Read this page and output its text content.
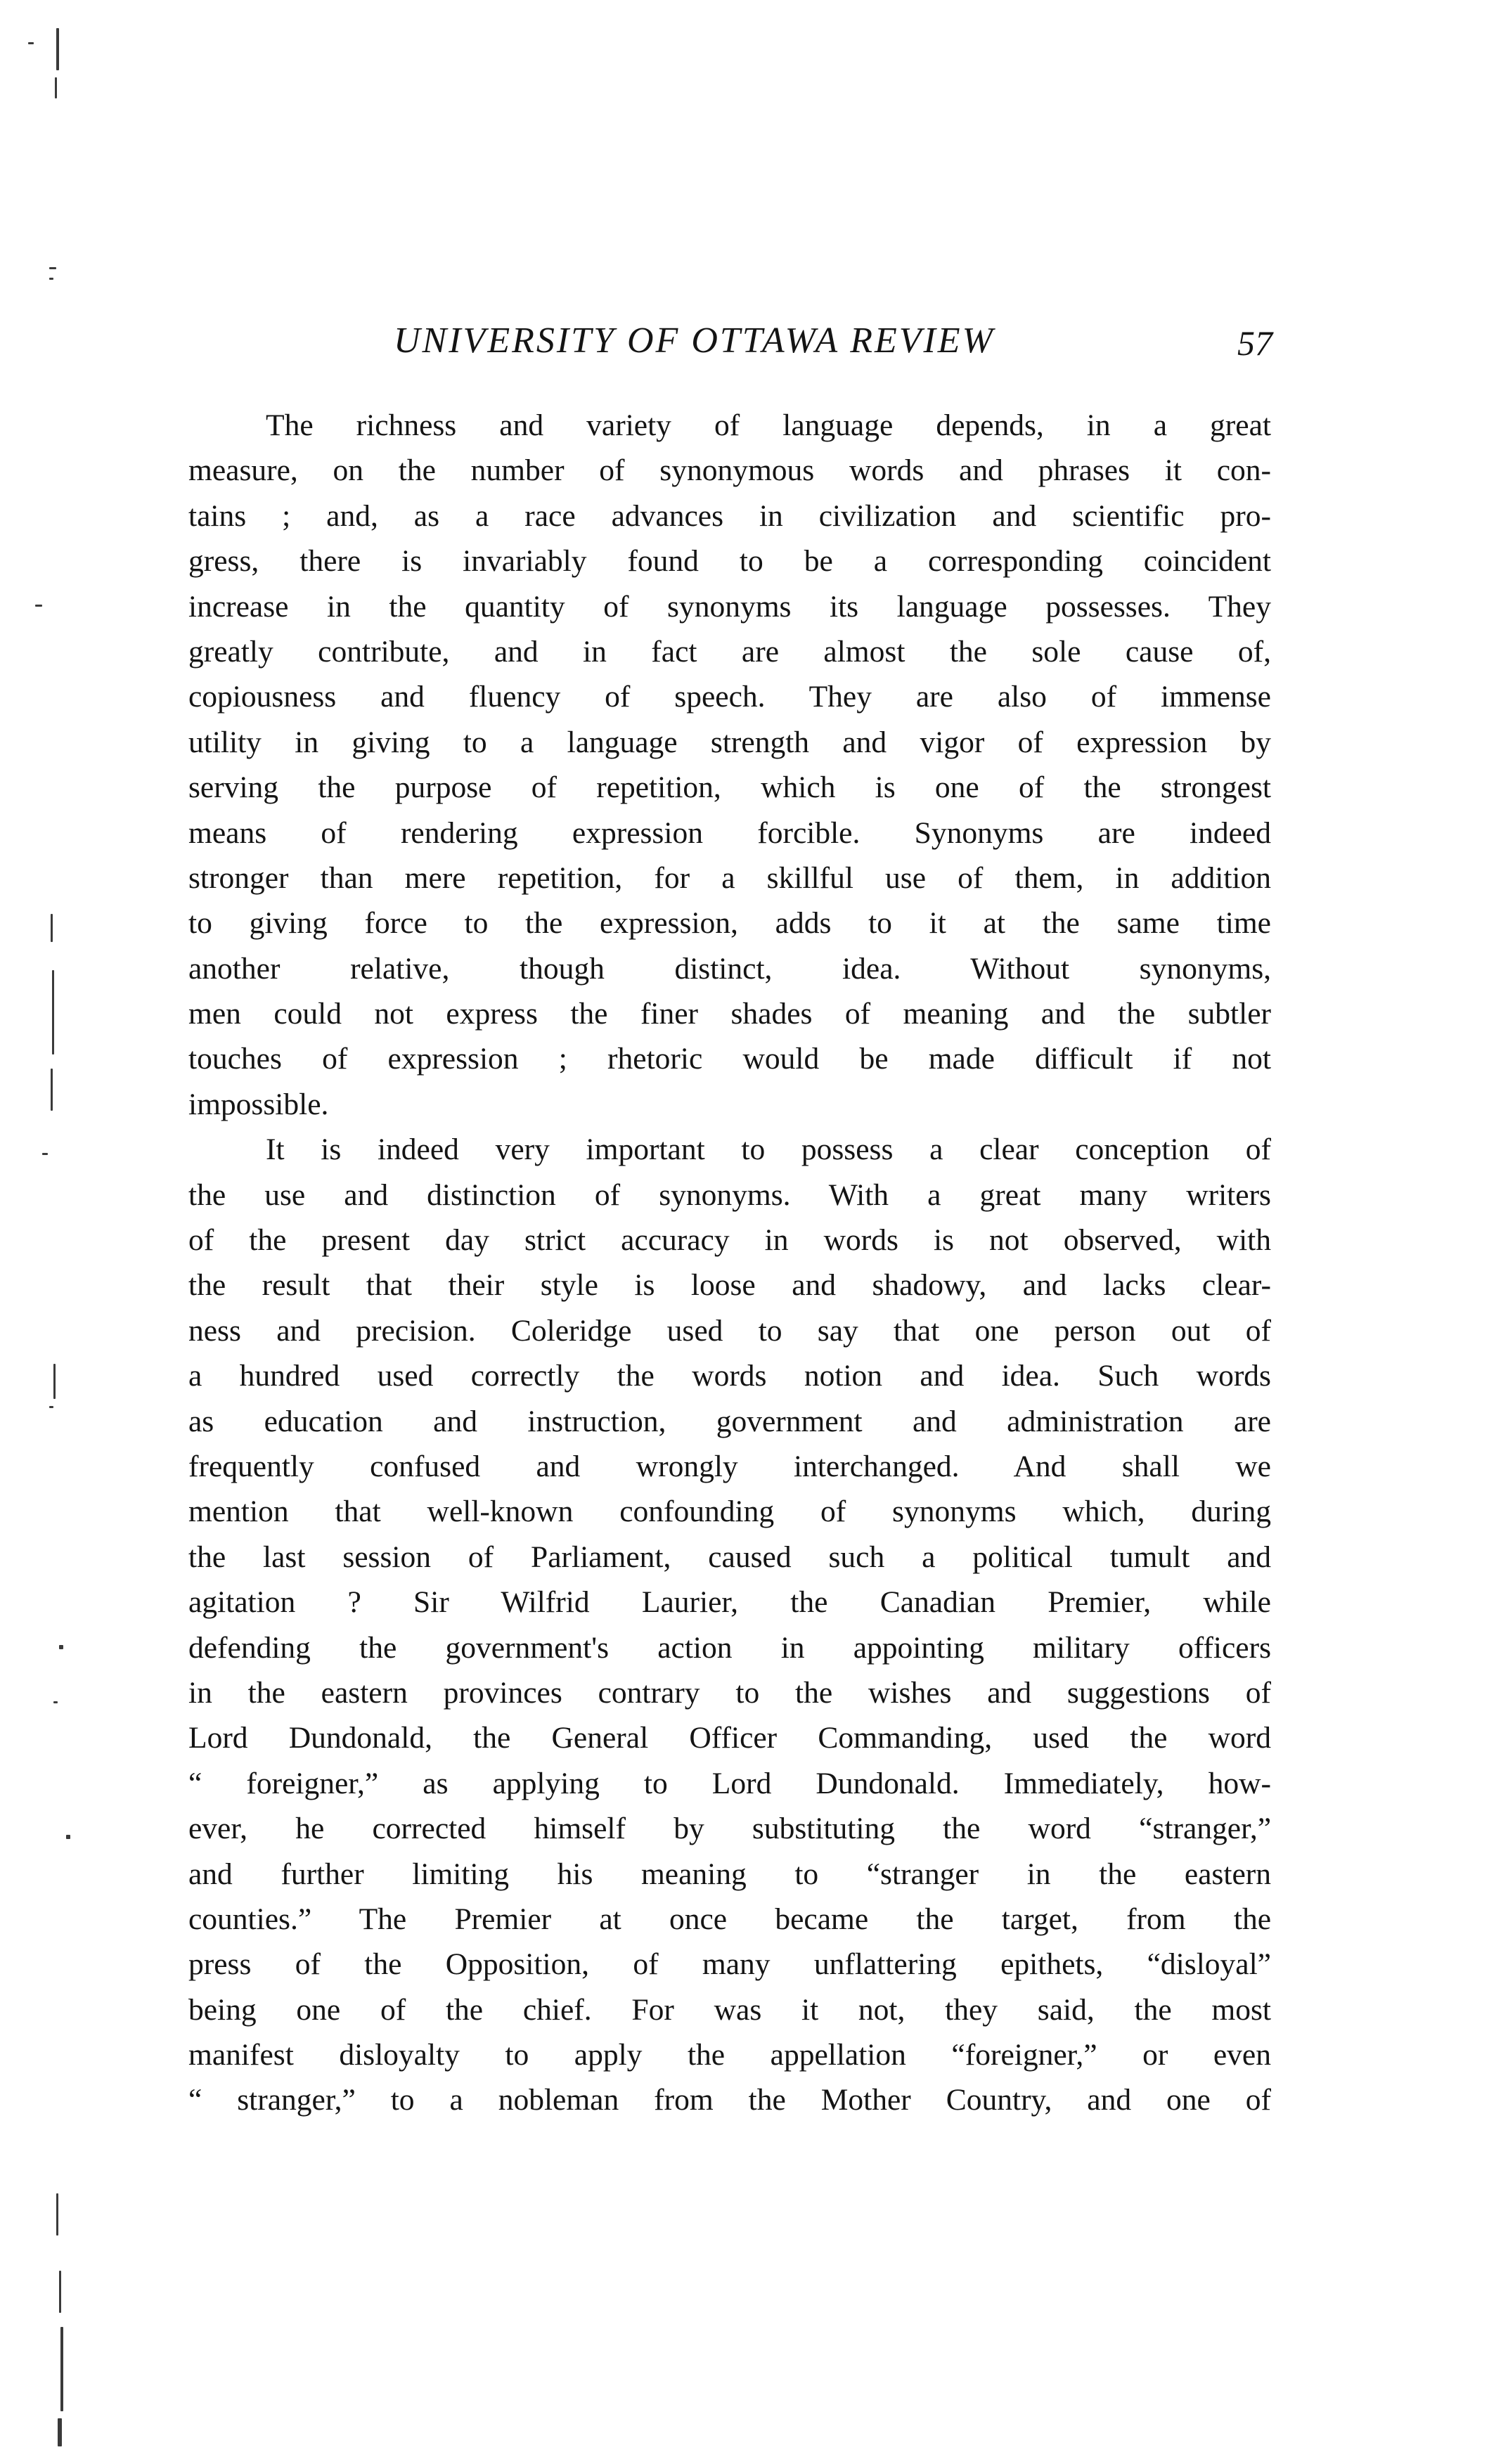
UNIVERSITY OF OTTAWA REVIEW	57
The richness and variety of language depends, in a great
measure, on the number of synonymous words and phrases it con-
tains ; and, as a race advances in civilization and scientific pro-
gress, there is invariably found to be a corresponding coincident
increase in the quantity of synonyms its language possesses. They
greatly contribute, and in fact are almost the sole cause of,
copiousness and fluency of speech. They are also of immense
utility in giving to a language strength and vigor of expression by
serving the purpose of repetition, which is one of the strongest
means of rendering expression forcible. Synonyms are indeed
stronger than mere repetition, for a skillful use of them, in addition
to giving force to the expression, adds to it at the same time
another relative, though distinct, idea. Without synonyms,
men could not express the finer shades of meaning and the subtler
touches of expression ; rhetoric would be made difficult if not
impossible.
It is indeed very important to possess a clear conception of
the use and distinction of synonyms. With a great many writers
of the present day strict accuracy in words is not observed, with
the result that their style is loose and shadowy, and lacks clear-
ness and precision. Coleridge used to say that one person out of
a hundred used correctly the words notion and idea. Such words
as education and instruction, government and administration are
frequently confused and wrongly interchanged. And shall we
mention that well-known confounding of synonyms which, during
the last session of Parliament, caused such a political tumult and
agitation ? Sir Wilfrid Laurier, the Canadian Premier, while
defending the government's action in appointing military officers
in the eastern provinces contrary to the wishes and suggestions of
Lord Dundonald, the General Officer Commanding, used the word
“ foreigner,” as applying to Lord Dundonald. Immediately, how-
ever, he corrected himself by substituting the word “stranger,”
and further limiting his meaning to “stranger in the eastern
counties.” The Premier at once became the target, from the
press of the Opposition, of many unflattering epithets, “disloyal”
being one of the chief. For was it not, they said, the most
manifest disloyalty to apply the appellation “foreigner,” or even
“ stranger,” to a nobleman from the Mother Country, and one of
